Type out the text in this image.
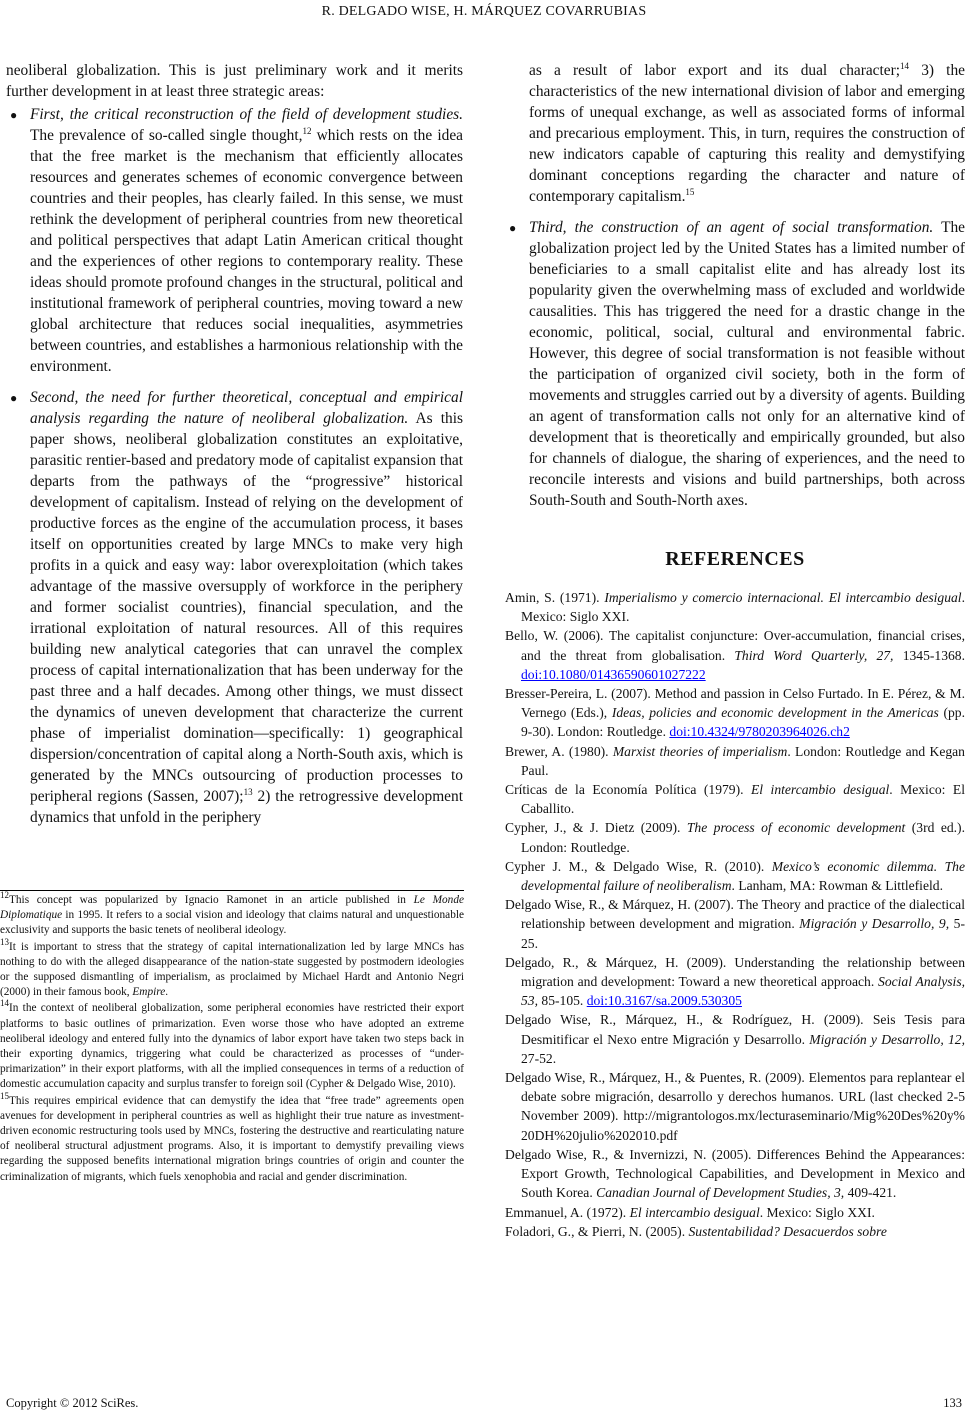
R. DELGADO WISE, H. MÁRQUEZ COVARRUBIAS

neoliberal globalization. This is just preliminary work and it merits further development in at least three strategic areas:

● First, the critical reconstruction of the field of development studies. The prevalence of so-called single thought,$^{12}$ which rests on the idea that the free market is the mechanism that efficiently allocates resources and generates schemes of economic convergence between countries and their peoples, has clearly failed. In this sense, we must rethink the development of peripheral countries from new theoretical and political perspectives that adapt Latin American critical thought and the experiences of other regions to contemporary reality. These ideas should promote profound changes in the structural, political and institutional framework of peripheral countries, moving toward a new global architecture that reduces social inequalities, asymmetries between countries, and establishes a harmonious relationship with the environment.
● Second, the need for further theoretical, conceptual and empirical analysis regarding the nature of neoliberal globalization. As this paper shows, neoliberal globalization constitutes an exploitative, parasitic rentier-based and predatory mode of capitalist expansion that departs from the pathways of the “progressive” historical development of capitalism. Instead of relying on the development of productive forces as the engine of the accumulation process, it bases itself on opportunities created by large MNCs to make very high profits in a quick and easy way: labor overexploitation (which takes advantage of the massive oversupply of workforce in the periphery and former socialist countries), financial speculation, and the irrational exploitation of natural resources. All of this requires building new analytical categories that can unravel the complex process of capital internationalization that has been underway for the past three and a half decades. Among other things, we must dissect the dynamics of uneven development that characterize the current phase of imperialist domination—specifically: 1) geographical dispersion/concentration of capital along a North-South axis, which is generated by the MNCs outsourcing of production processes to peripheral regions (Sassen, 2007);$^{13}$ 2) the retrogressive development dynamics that unfold in the periphery

$^{12}$This concept was popularized by Ignacio Ramonet in an article published in Le Monde Diplomatique in 1995. It refers to a social vision and ideology that claims natural and unquestionable exclusivity and supports the basic tenets of neoliberal ideology.

$^{13}$It is important to stress that the strategy of capital internationalization led by large MNCs has nothing to do with the alleged disappearance of the nation-state suggested by postmodern ideologies or the supposed dismantling of imperialism, as proclaimed by Michael Hardt and Antonio Negri (2000) in their famous book, Empire.

$^{14}$In the context of neoliberal globalization, some peripheral economies have restricted their export platforms to basic outlines of primarization. Even worse those who have adopted an extreme neoliberal ideology and entered fully into the dynamics of labor export have taken two steps back in their exporting dynamics, triggering what could be characterized as processes of “under-primarization” in their export platforms, with all the implied consequences in terms of a reduction of domestic accumulation capacity and surplus transfer to foreign soil (Cypher & Delgado Wise, 2010).

$^{15}$This requires empirical evidence that can demystify the idea that “free trade” agreements open avenues for development in peripheral countries as well as highlight their true nature as investment-driven economic restructuring tools used by MNCs, fostering the destructive and rearticulating nature of neoliberal structural adjustment programs. Also, it is important to demystify prevailing views regarding the supposed benefits international migration brings countries of origin and counter the criminalization of migrants, which fuels xenophobia and racial and gender discrimination.

as a result of labor export and its dual character;$^{14}$ 3) the characteristics of the new international division of labor and emerging forms of unequal exchange, as well as associated forms of informal and precarious employment. This, in turn, requires the construction of new indicators capable of capturing this reality and demystifying dominant conceptions regarding the character and nature of contemporary capitalism.$^{15}$
● Third, the construction of an agent of social transformation. The globalization project led by the United States has a limited number of beneficiaries to a small capitalist elite and has already lost its popularity given the overwhelming mass of excluded and worldwide causalities. This has triggered the need for a drastic change in the economic, political, social, cultural and environmental fabric. However, this degree of social transformation is not feasible without the participation of organized civil society, both in the form of movements and struggles carried out by a diversity of agents. Building an agent of transformation calls not only for an alternative kind of development that is theoretically and empirically grounded, but also for channels of dialogue, the sharing of experiences, and the need to reconcile interests and visions and build partnerships, both across South-South and South-North axes.
REFERENCES

Amin, S. (1971). Imperialismo y comercio internacional. El intercambio desigual. Mexico: Siglo XXI.

Bello, W. (2006). The capitalist conjuncture: Over-accumulation, financial crises, and the threat from globalisation. Third Word Quarterly, 27, 1345-1368. doi:10.1080/01436590601027222

Bresser-Pereira, L. (2007). Method and passion in Celso Furtado. In E. Pérez, & M. Vernego (Eds.), Ideas, policies and economic development in the Americas (pp. 9-30). London: Routledge. doi:10.4324/9780203964026.ch2

Brewer, A. (1980). Marxist theories of imperialism. London: Routledge and Kegan Paul.

Críticas de la Economía Política (1979). El intercambio desigual. Mexico: El Caballito.

Cypher, J., & J. Dietz (2009). The process of economic development (3rd ed.). London: Routledge.

Cypher J. M., & Delgado Wise, R. (2010). Mexico’s economic dilemma. The developmental failure of neoliberalism. Lanham, MA: Rowman & Littlefield.

Delgado Wise, R., & Márquez, H. (2007). The Theory and practice of the dialectical relationship between development and migration. Migración y Desarrollo, 9, 5-25.

Delgado, R., & Márquez, H. (2009). Understanding the relationship between migration and development: Toward a new theoretical approach. Social Analysis, 53, 85-105. doi:10.3167/sa.2009.530305

Delgado Wise, R., Márquez, H., & Rodríguez, H. (2009). Seis Tesis para Desmitificar el Nexo entre Migración y Desarrollo. Migración y Desarrollo, 12, 27-52.

Delgado Wise, R., Márquez, H., & Puentes, R. (2009). Elementos para replantear el debate sobre migración, desarrollo y derechos humanos. URL (last checked 2-5 November 2009). http://migrantologos.mx/lecturaseminario/Mig%20Des%20y%20DH%20julio%202010.pdf

Delgado Wise, R., & Invernizzi, N. (2005). Differences Behind the Appearances: Export Growth, Technological Capabilities, and Development in Mexico and South Korea. Canadian Journal of Development Studies, 3, 409-421.

Emmanuel, A. (1972). El intercambio desigual. Mexico: Siglo XXI.

Foladori, G., & Pierri, N. (2005). Sustentabilidad? Desacuerdos sobre

Copyright © 2012 SciRes.	133
